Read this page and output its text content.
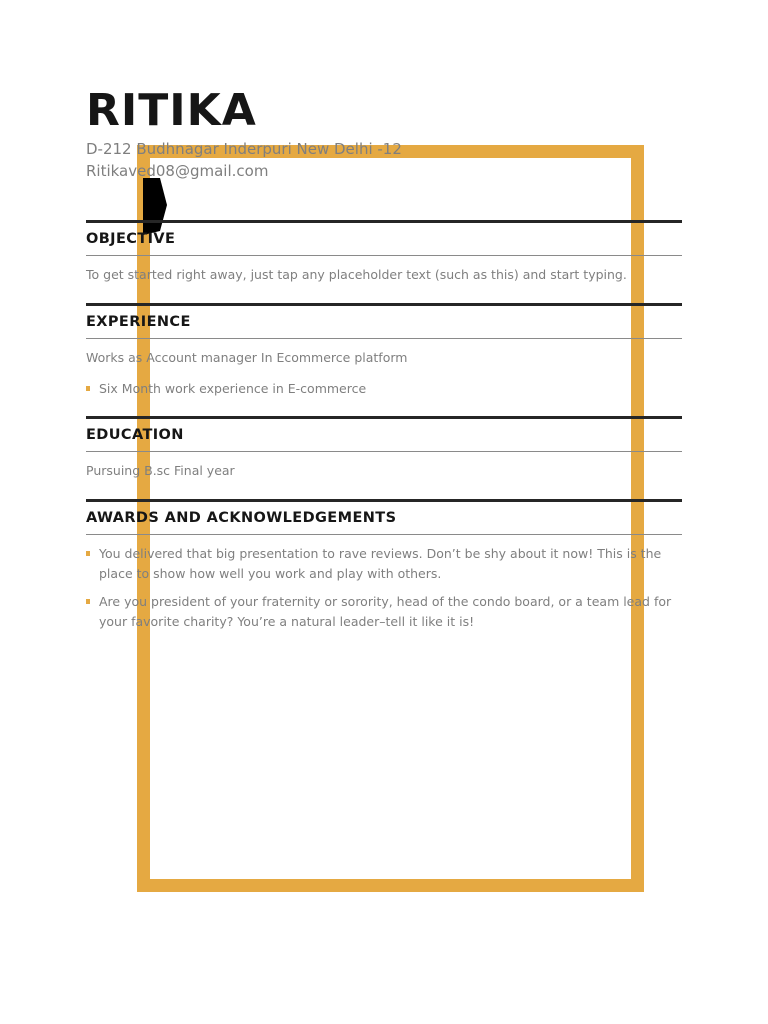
RITIKA
D-212 Budhnagar Inderpuri New Delhi -12
Ritikaved08@gmail.com
OBJECTIVE
To get started right away, just tap any placeholder text (such as this) and start typing.
EXPERIENCE
Works as Account manager In Ecommerce platform
Six Month work experience in E-commerce
EDUCATION
Pursuing B.sc Final year
AWARDS AND ACKNOWLEDGEMENTS
You delivered that big presentation to rave reviews. Don’t be shy about it now! This is the place to show how well you work and play with others.
Are you president of your fraternity or sorority, head of the condo board, or a team lead for your favorite charity? You’re a natural leader–tell it like it is!
